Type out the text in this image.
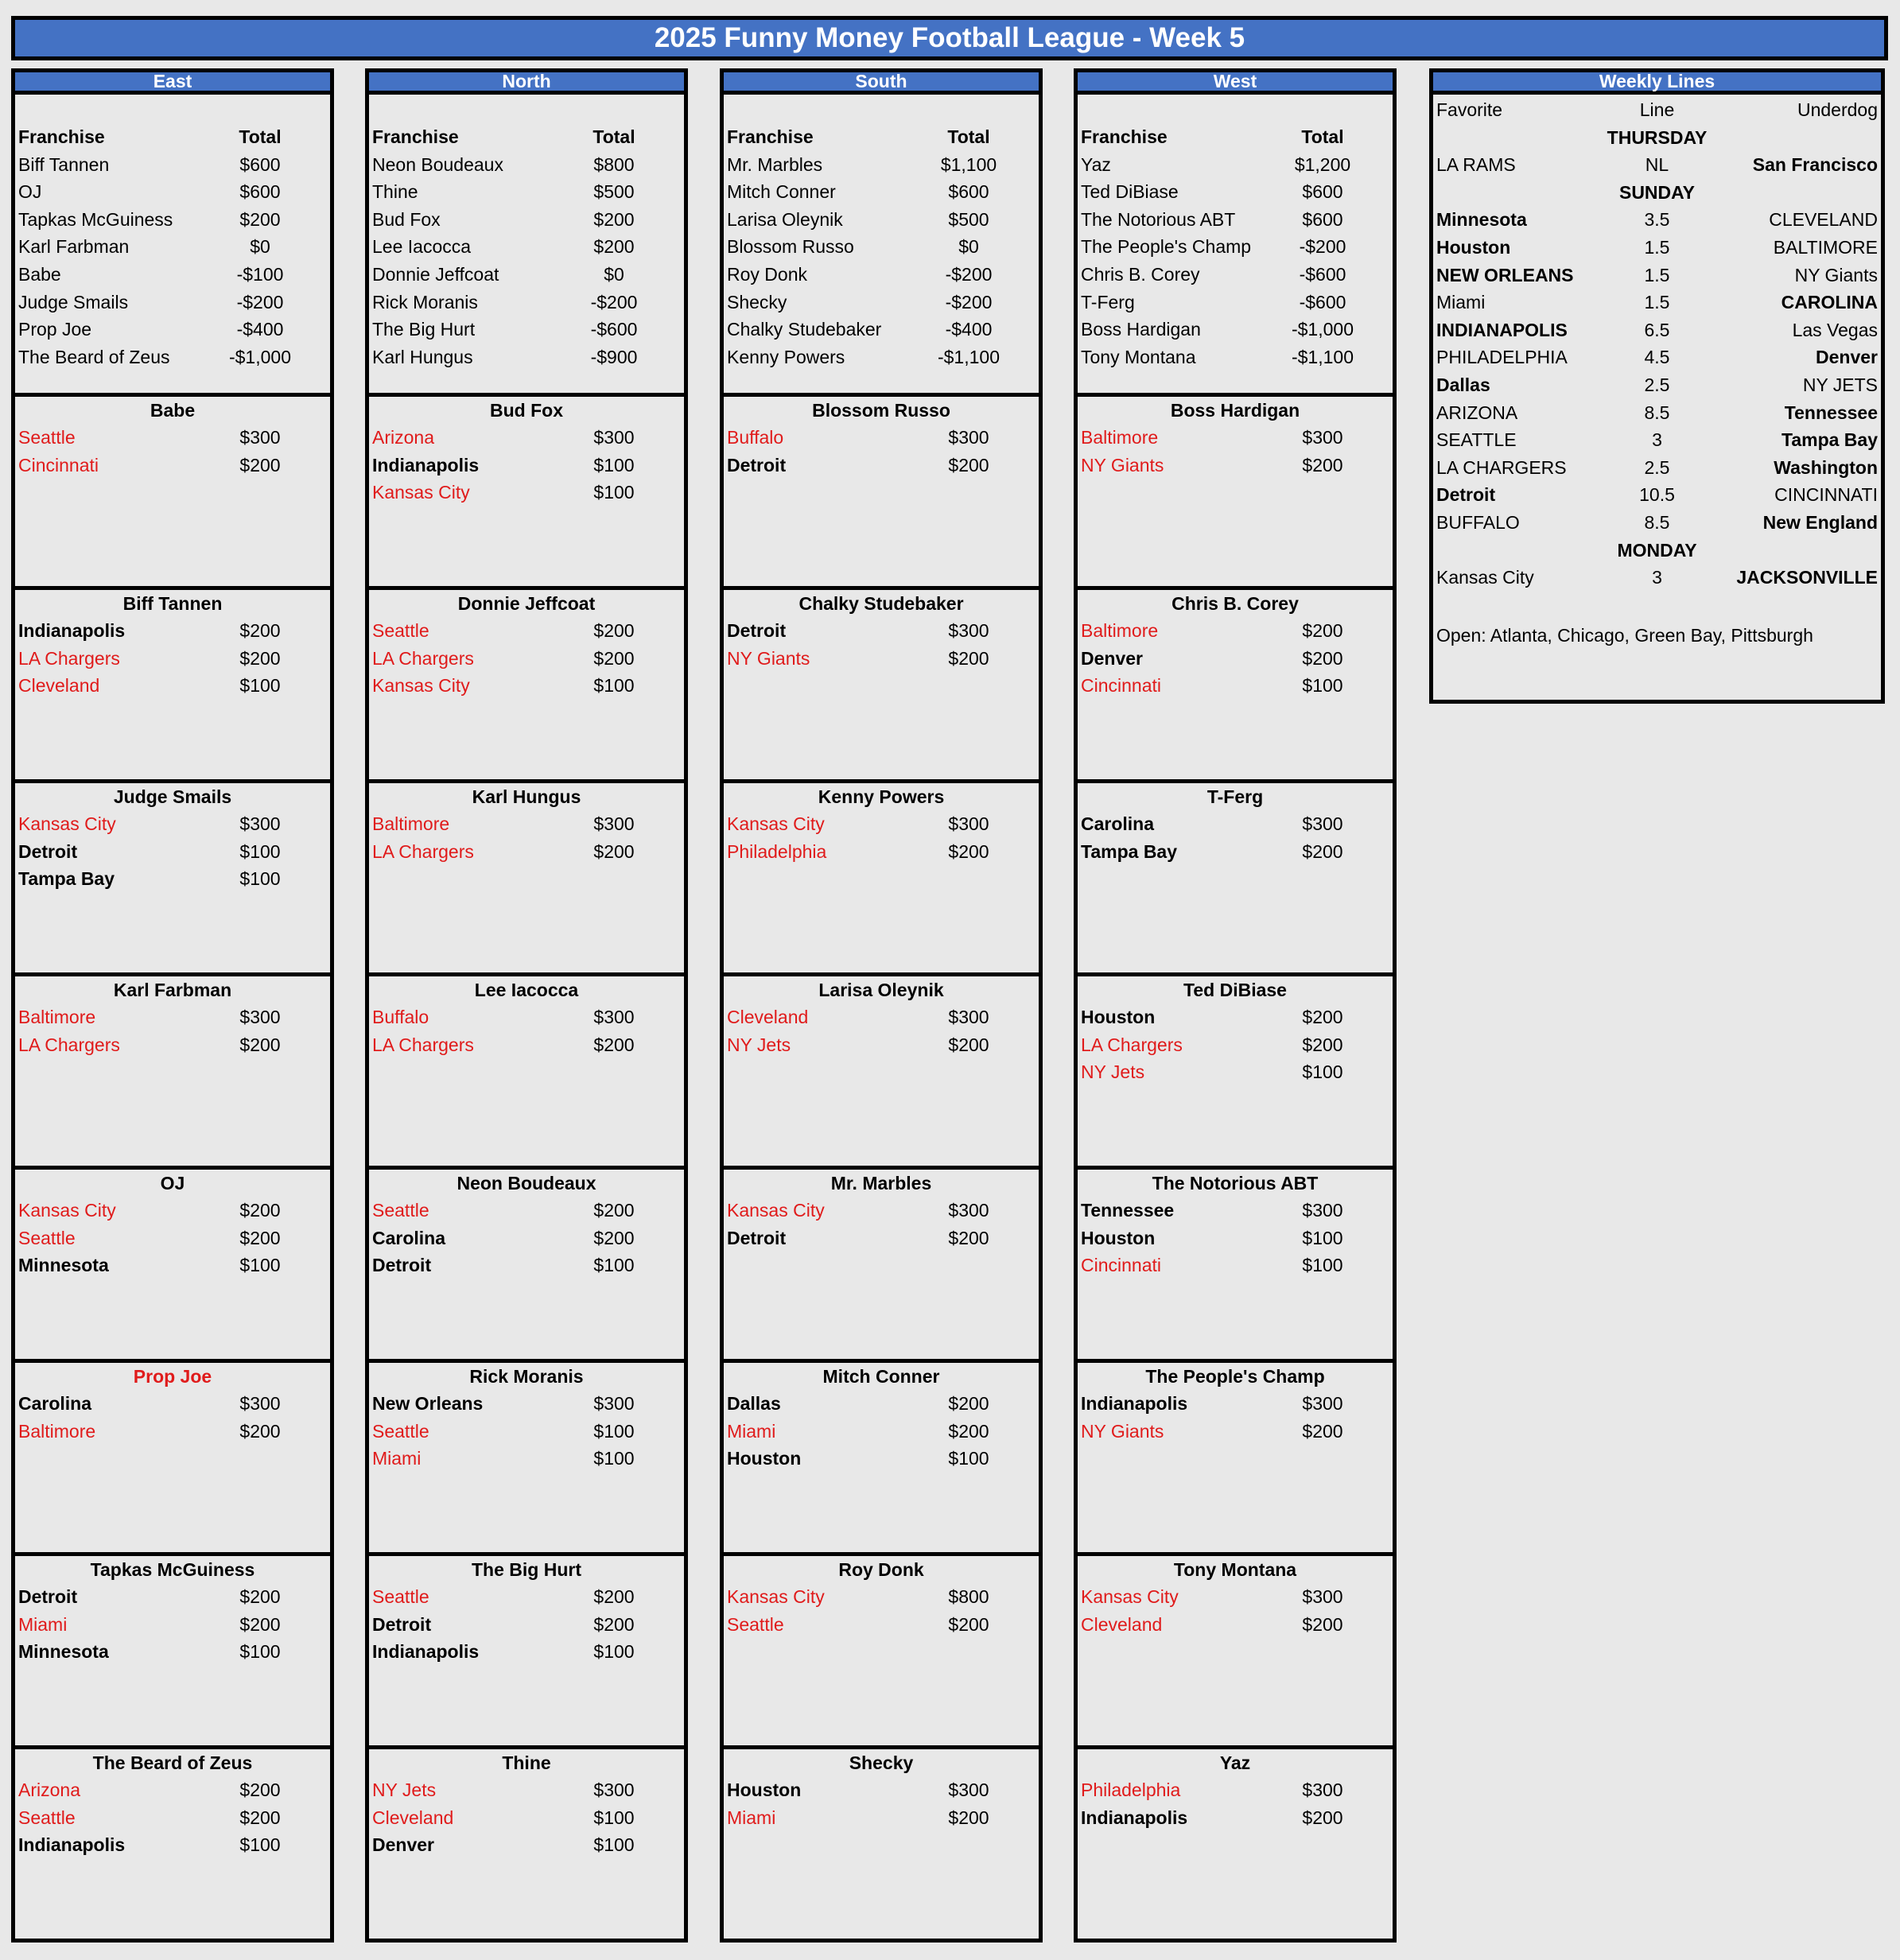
2025 Funny Money Football League - Week 5
East
Franchise	Total
Biff Tannen	$600
OJ	$600
Tapkas McGuiness	$200
Karl Farbman	$0
Babe	-$100
Judge Smails	-$200
Prop Joe	-$400
The Beard of Zeus	-$1,000
Babe
Seattle	$300
Cincinnati	$200
Biff Tannen
Indianapolis	$200
LA Chargers	$200
Cleveland	$100
Judge Smails
Kansas City	$300
Detroit	$100
Tampa Bay	$100
Karl Farbman
Baltimore	$300
LA Chargers	$200
OJ
Kansas City	$200
Seattle	$200
Minnesota	$100
Prop Joe
Carolina	$300
Baltimore	$200
Tapkas McGuiness
Detroit	$200
Miami	$200
Minnesota	$100
The Beard of Zeus
Arizona	$200
Seattle	$200
Indianapolis	$100
North
Franchise	Total
Neon Boudeaux	$800
Thine	$500
Bud Fox	$200
Lee Iacocca	$200
Donnie Jeffcoat	$0
Rick Moranis	-$200
The Big Hurt	-$600
Karl Hungus	-$900
Bud Fox
Arizona	$300
Indianapolis	$100
Kansas City	$100
Donnie Jeffcoat
Seattle	$200
LA Chargers	$200
Kansas City	$100
Karl Hungus
Baltimore	$300
LA Chargers	$200
Lee Iacocca
Buffalo	$300
LA Chargers	$200
Neon Boudeaux
Seattle	$200
Carolina	$200
Detroit	$100
Rick Moranis
New Orleans	$300
Seattle	$100
Miami	$100
The Big Hurt
Seattle	$200
Detroit	$200
Indianapolis	$100
Thine
NY Jets	$300
Cleveland	$100
Denver	$100
South
Franchise	Total
Mr. Marbles	$1,100
Mitch Conner	$600
Larisa Oleynik	$500
Blossom Russo	$0
Roy Donk	-$200
Shecky	-$200
Chalky Studebaker	-$400
Kenny Powers	-$1,100
Blossom Russo
Buffalo	$300
Detroit	$200
Chalky Studebaker
Detroit	$300
NY Giants	$200
Kenny Powers
Kansas City	$300
Philadelphia	$200
Larisa Oleynik
Cleveland	$300
NY Jets	$200
Mr. Marbles
Kansas City	$300
Detroit	$200
Mitch Conner
Dallas	$200
Miami	$200
Houston	$100
Roy Donk
Kansas City	$800
Seattle	$200
Shecky
Houston	$300
Miami	$200
West
Franchise	Total
Yaz	$1,200
Ted DiBiase	$600
The Notorious ABT	$600
The People's Champ	-$200
Chris B. Corey	-$600
T-Ferg	-$600
Boss Hardigan	-$1,000
Tony Montana	-$1,100
Boss Hardigan
Baltimore	$300
NY Giants	$200
Chris B. Corey
Baltimore	$200
Denver	$200
Cincinnati	$100
T-Ferg
Carolina	$300
Tampa Bay	$200
Ted DiBiase
Houston	$200
LA Chargers	$200
NY Jets	$100
The Notorious ABT
Tennessee	$300
Houston	$100
Cincinnati	$100
The People's Champ
Indianapolis	$300
NY Giants	$200
Tony Montana
Kansas City	$300
Cleveland	$200
Yaz
Philadelphia	$300
Indianapolis	$200
Weekly Lines
Favorite	Line	Underdog
THURSDAY
LA RAMS	NL	San Francisco
SUNDAY
Minnesota	3.5	CLEVELAND
Houston	1.5	BALTIMORE
NEW ORLEANS	1.5	NY Giants
Miami	1.5	CAROLINA
INDIANAPOLIS	6.5	Las Vegas
PHILADELPHIA	4.5	Denver
Dallas	2.5	NY JETS
ARIZONA	8.5	Tennessee
SEATTLE	3	Tampa Bay
LA CHARGERS	2.5	Washington
Detroit	10.5	CINCINNATI
BUFFALO	8.5	New England
MONDAY
Kansas City	3	JACKSONVILLE
Open: Atlanta, Chicago, Green Bay, Pittsburgh
